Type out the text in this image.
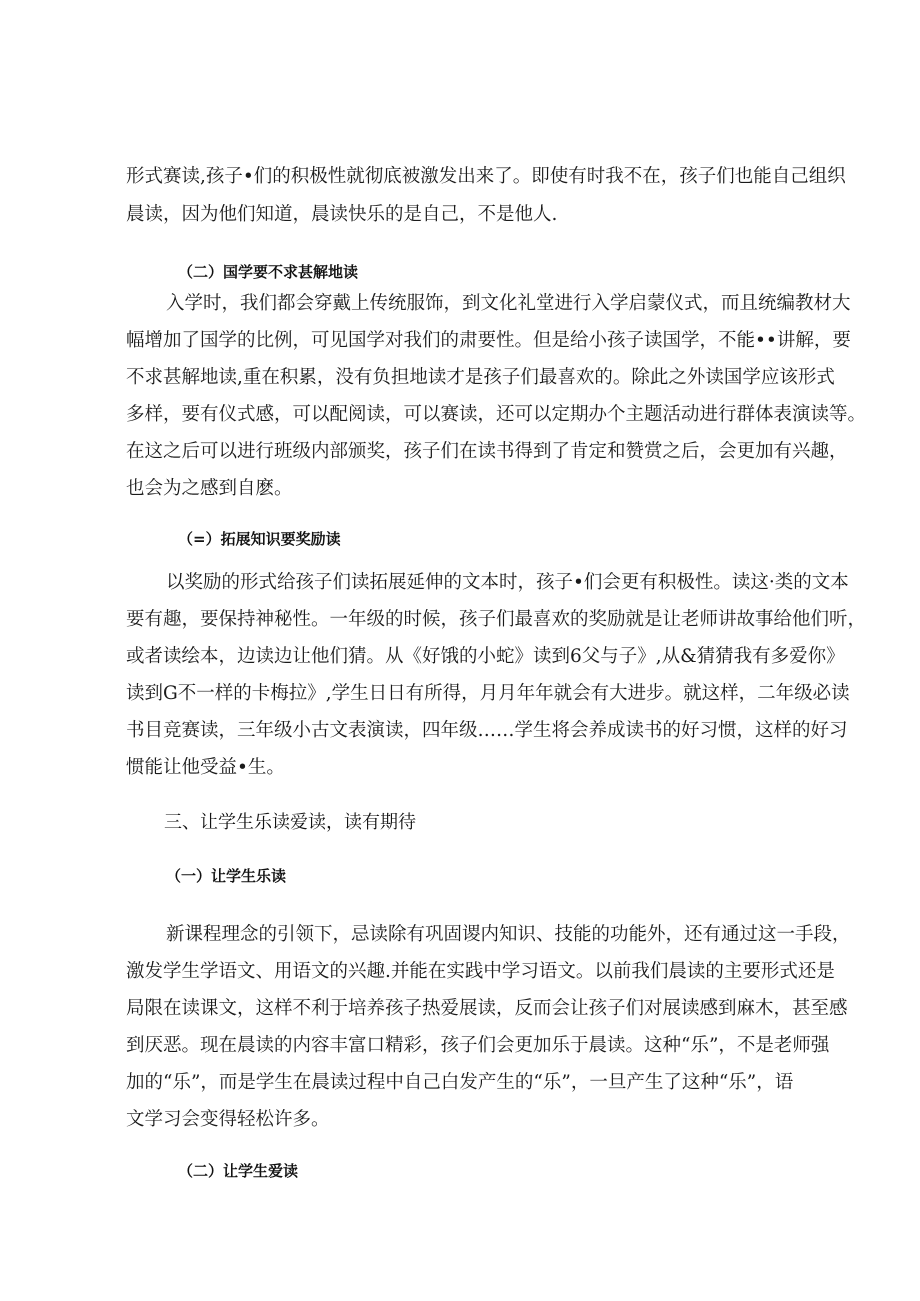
形式赛读,孩子•们的积极性就彻底被激发出来了。即使有时我不在，孩子们也能自己组织
晨读，因为他们知道，晨读快乐的是自己，不是他人.
（二）国学要不求甚解地读
入学时，我们都会穿戴上传统服饰，到文化礼堂进行入学启蒙仪式，而且统编教材大
幅增加了国学的比例，可见国学对我们的肃要性。但是给小孩子读国学，不能••讲解，要
不求甚解地读,重在积累，没有负担地读才是孩子们最喜欢的。除此之外读国学应该形式
多样，要有仪式感，可以配阅读，可以赛读，还可以定期办个主题活动进行群体表演读等。
在这之后可以进行班级内部颁奖，孩子们在读书得到了肯定和赞赏之后，会更加有兴趣，
也会为之感到自麽。
（=）拓展知识要奖励读
以奖励的形式给孩子们读拓展延伸的文本时，孩子•们会更有积极性。读这·类的文本
要有趣，要保持神秘性。一年级的时候，孩子们最喜欢的奖励就是让老师讲故事给他们听，
或者读绘本，边读边让他们猜。从《好饿的小蛇》读到6父与子》,从&猜猜我有多爱你》
读到G不一样的卡梅拉》,学生日日有所得，月月年年就会有大进步。就这样，二年级必读
书目竞赛读，三年级小古文表演读，四年级……学生将会养成读书的好习惯，这样的好习
惯能让他受益•生。
三、让学生乐读爱读，读有期待
（一）让学生乐读
新课程理念的引领下，忌读除有巩固谡内知识、技能的功能外，还有通过这一手段，
激发学生学语文、用语文的兴趣.并能在实践中学习语文。以前我们晨读的主要形式还是
局限在读课文，这样不利于培养孩子热爱展读，反而会让孩子们对展读感到麻木，甚至感
到厌恶。现在晨读的内容丰富口精彩，孩子们会更加乐于晨读。这种“乐”，不是老师强
加的“乐”，而是学生在晨读过程中自己白发产生的“乐”，一旦产生了这种“乐”，语
文学习会变得轻松许多。
（二）让学生爱读
